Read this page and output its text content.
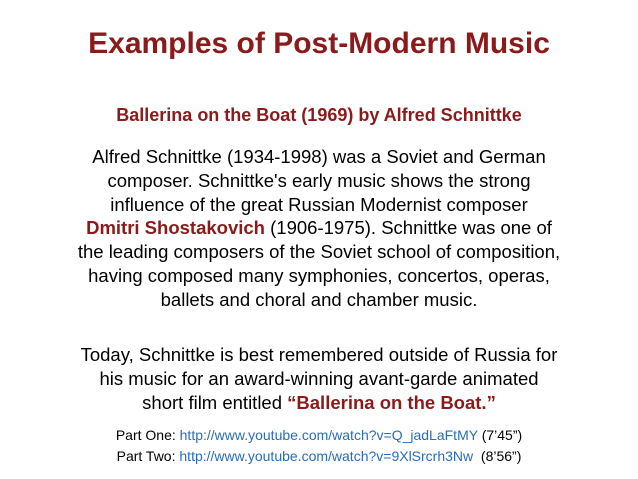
Examples of Post-Modern Music
Ballerina on the Boat (1969) by Alfred Schnittke
Alfred Schnittke (1934-1998) was a Soviet and German
composer. Schnittke's early music shows the strong
influence of the great Russian Modernist composer
Dmitri Shostakovich (1906-1975). Schnittke was one of
the leading composers of the Soviet school of composition,
having composed many symphonies, concertos, operas,
ballets and choral and chamber music.
Today, Schnittke is best remembered outside of Russia for
his music for an award-winning avant-garde animated
short film entitled “Ballerina on the Boat.”
Part One: http://www.youtube.com/watch?v=Q_jadLaFtMY (7’45”)
Part Two: http://www.youtube.com/watch?v=9XlSrcrh3Nw  (8’56”)
